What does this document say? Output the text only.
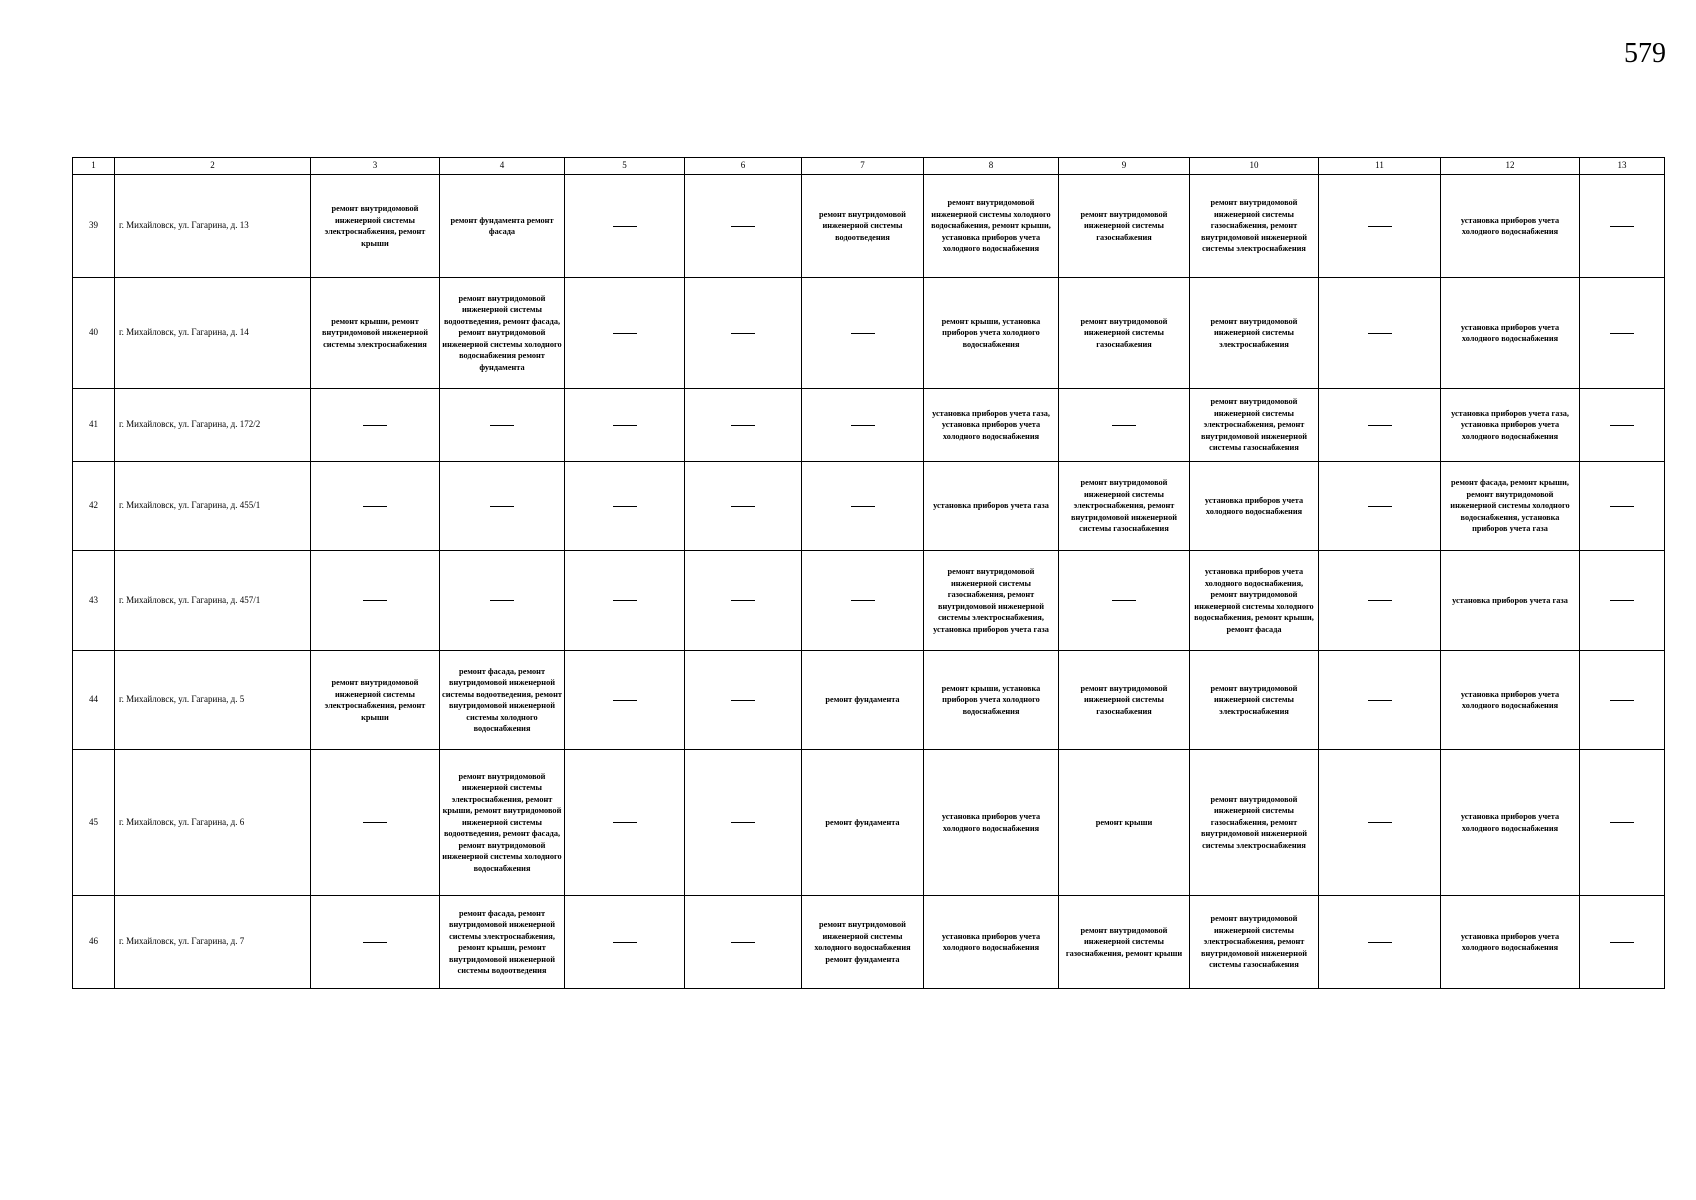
579
1	2	3	4	5	6	7	8	9	10	11	12	13
39	г. Михайловск, ул. Гагарина, д. 13	ремонт внутридомовой инженерной системы электроснабжения, ремонт крыши	ремонт фундамента ремонт фасада			ремонт внутридомовой инженерной системы водоотведения	ремонт внутридомовой инженерной системы холодного водоснабжения, ремонт крыши, установка приборов учета холодного водоснабжения	ремонт внутридомовой инженерной системы газоснабжения	ремонт внутридомовой инженерной системы газоснабжения, ремонт внутридомовой инженерной системы электроснабжения		установка приборов учета холодного водоснабжения	
40	г. Михайловск, ул. Гагарина, д. 14	ремонт крыши, ремонт внутридомовой инженерной системы электроснабжения	ремонт внутридомовой инженерной системы водоотведения, ремонт фасада, ремонт внутридомовой инженерной системы холодного водоснабжения ремонт фундамента				ремонт крыши, установка приборов учета холодного водоснабжения	ремонт внутридомовой инженерной системы газоснабжения	ремонт внутридомовой инженерной системы электроснабжения		установка приборов учета холодного водоснабжения	
41	г. Михайловск, ул. Гагарина, д. 172/2						установка приборов учета газа, установка приборов учета холодного водоснабжения		ремонт внутридомовой инженерной системы электроснабжения, ремонт внутридомовой инженерной системы газоснабжения		установка приборов учета газа, установка приборов учета холодного водоснабжения	
42	г. Михайловск, ул. Гагарина, д. 455/1						установка приборов учета газа	ремонт внутридомовой инженерной системы электроснабжения, ремонт внутридомовой инженерной системы газоснабжения	установка приборов учета холодного водоснабжения		ремонт фасада, ремонт крыши, ремонт внутридомовой инженерной системы холодного водоснабжения, установка приборов учета газа	
43	г. Михайловск, ул. Гагарина, д. 457/1						ремонт внутридомовой инженерной системы газоснабжения, ремонт внутридомовой инженерной системы электроснабжения, установка приборов учета газа		установка приборов учета холодного водоснабжения, ремонт внутридомовой инженерной системы холодного водоснабжения, ремонт крыши, ремонт фасада		установка приборов учета газа	
44	г. Михайловск, ул. Гагарина, д. 5	ремонт внутридомовой инженерной системы электроснабжения, ремонт крыши	ремонт фасада, ремонт внутридомовой инженерной системы водоотведения, ремонт внутридомовой инженерной системы холодного водоснабжения			ремонт фундамента	ремонт крыши, установка приборов учета холодного водоснабжения	ремонт внутридомовой инженерной системы газоснабжения	ремонт внутридомовой инженерной системы электроснабжения		установка приборов учета холодного водоснабжения	
45	г. Михайловск, ул. Гагарина, д. 6		ремонт внутридомовой инженерной системы электроснабжения, ремонт крыши, ремонт внутридомовой инженерной системы водоотведения, ремонт фасада, ремонт внутридомовой инженерной системы холодного водоснабжения			ремонт фундамента	установка приборов учета холодного водоснабжения	ремонт крыши	ремонт внутридомовой инженерной системы газоснабжения, ремонт внутридомовой инженерной системы электроснабжения		установка приборов учета холодного водоснабжения	
46	г. Михайловск, ул. Гагарина, д. 7		ремонт фасада, ремонт внутридомовой инженерной системы электроснабжения, ремонт крыши, ремонт внутридомовой инженерной системы водоотведения			ремонт внутридомовой инженерной системы холодного водоснабжения ремонт фундамента	установка приборов учета холодного водоснабжения	ремонт внутридомовой инженерной системы газоснабжения, ремонт крыши	ремонт внутридомовой инженерной системы электроснабжения, ремонт внутридомовой инженерной системы газоснабжения		установка приборов учета холодного водоснабжения	
